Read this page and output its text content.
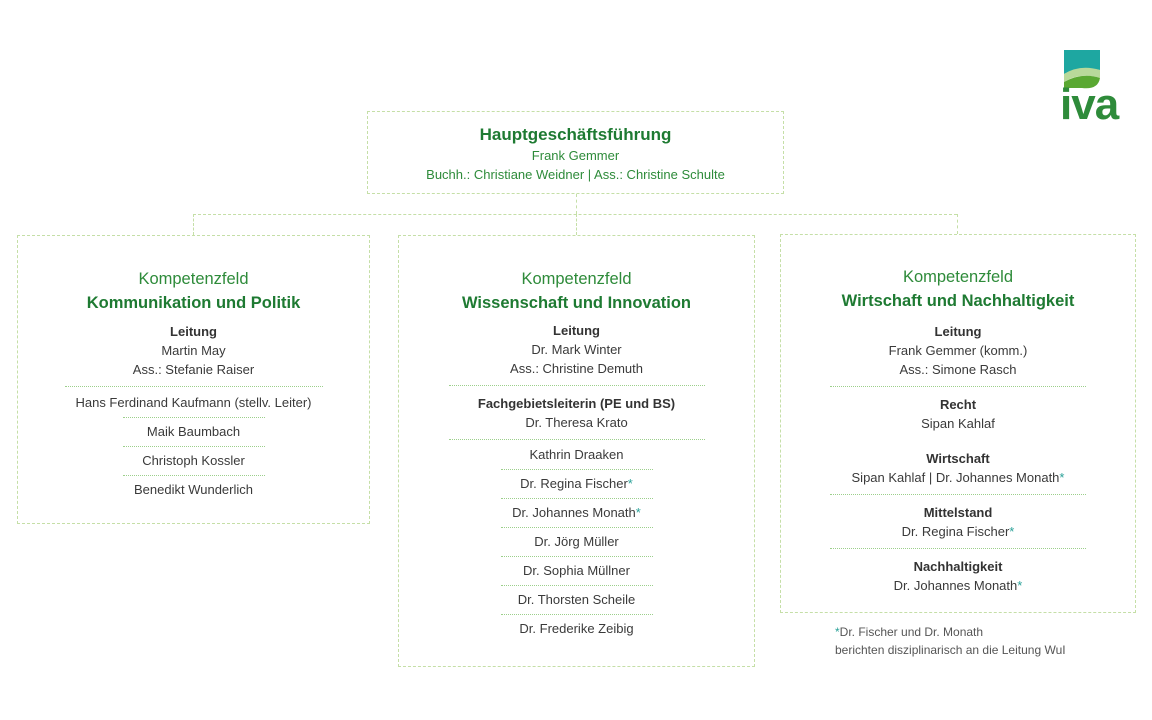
iva
Hauptgeschäftsführung
Frank Gemmer
Buchh.: Christiane Weidner | Ass.: Christine Schulte
Kompetenzfeld
Kommunikation und Politik
Leitung
Martin May
Ass.: Stefanie Raiser
Hans Ferdinand Kaufmann (stellv. Leiter)
Maik Baumbach
Christoph Kossler
Benedikt Wunderlich
Kompetenzfeld
Wissenschaft und Innovation
Leitung
Dr. Mark Winter
Ass.: Christine Demuth
Fachgebietsleiterin (PE und BS)
Dr. Theresa Krato
Kathrin Draaken
Dr. Regina Fischer*
Dr. Johannes Monath*
Dr. Jörg Müller
Dr. Sophia Müllner
Dr. Thorsten Scheile
Dr. Frederike Zeibig
Kompetenzfeld
Wirtschaft und Nachhaltigkeit
Leitung
Frank Gemmer (komm.)
Ass.: Simone Rasch
Recht
Sipan Kahlaf
Wirtschaft
Sipan Kahlaf | Dr. Johannes Monath*
Mittelstand
Dr. Regina Fischer*
Nachhaltigkeit
Dr. Johannes Monath*
*Dr. Fischer und Dr. Monath
berichten disziplinarisch an die Leitung WuI
